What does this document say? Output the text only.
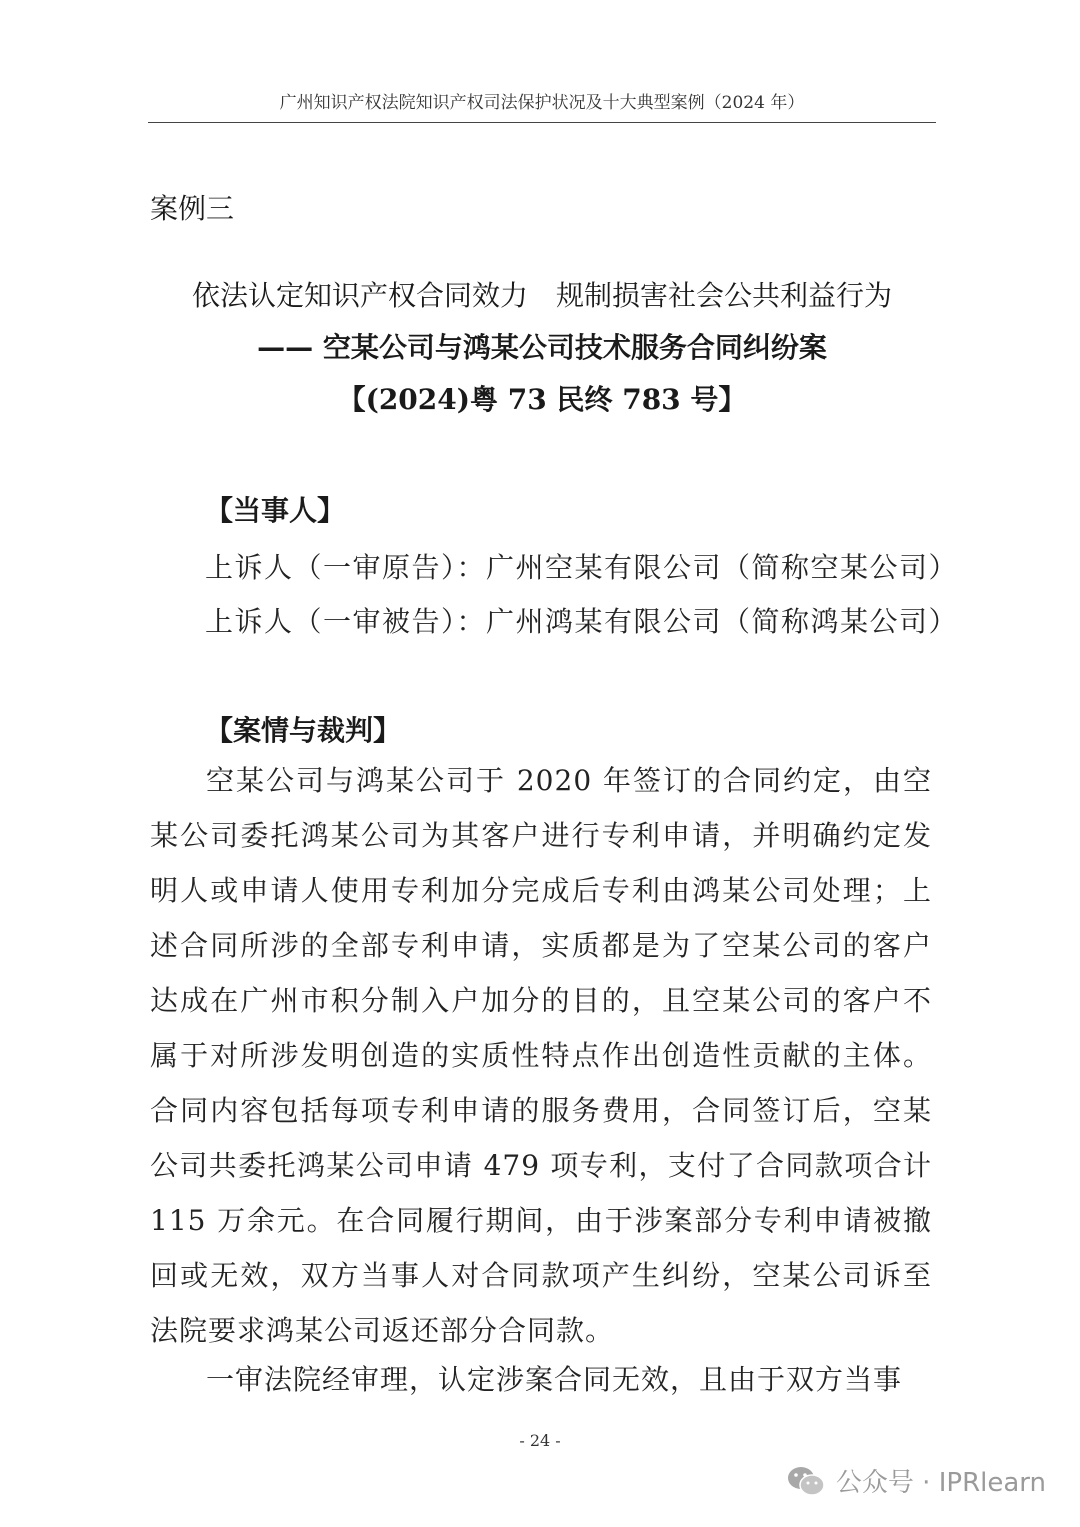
广州知识产权法院知识产权司法保护状况及十大典型案例（2024 年）
案例三
依法认定知识产权合同效力　规制损害社会公共利益行为
—— 空某公司与鸿某公司技术服务合同纠纷案
【(2024)粤 73 民终 783 号】
【当事人】
上诉人（一审原告）：广州空某有限公司（简称空某公司）
上诉人（一审被告）：广州鸿某有限公司（简称鸿某公司）
【案情与裁判】
空某公司与鸿某公司于 2020 年签订的合同约定，由空某公司委托鸿某公司为其客户进行专利申请，并明确约定发明人或申请人使用专利加分完成后专利由鸿某公司处理；上述合同所涉的全部专利申请，实质都是为了空某公司的客户达成在广州市积分制入户加分的目的，且空某公司的客户不属于对所涉发明创造的实质性特点作出创造性贡献的主体。合同内容包括每项专利申请的服务费用，合同签订后，空某公司共委托鸿某公司申请 479 项专利，支付了合同款项合计 115 万余元。在合同履行期间，由于涉案部分专利申请被撤回或无效，双方当事人对合同款项产生纠纷，空某公司诉至法院要求鸿某公司返还部分合同款。
一审法院经审理，认定涉案合同无效，且由于双方当事
- 24 -
公众号 · IPRlearn
